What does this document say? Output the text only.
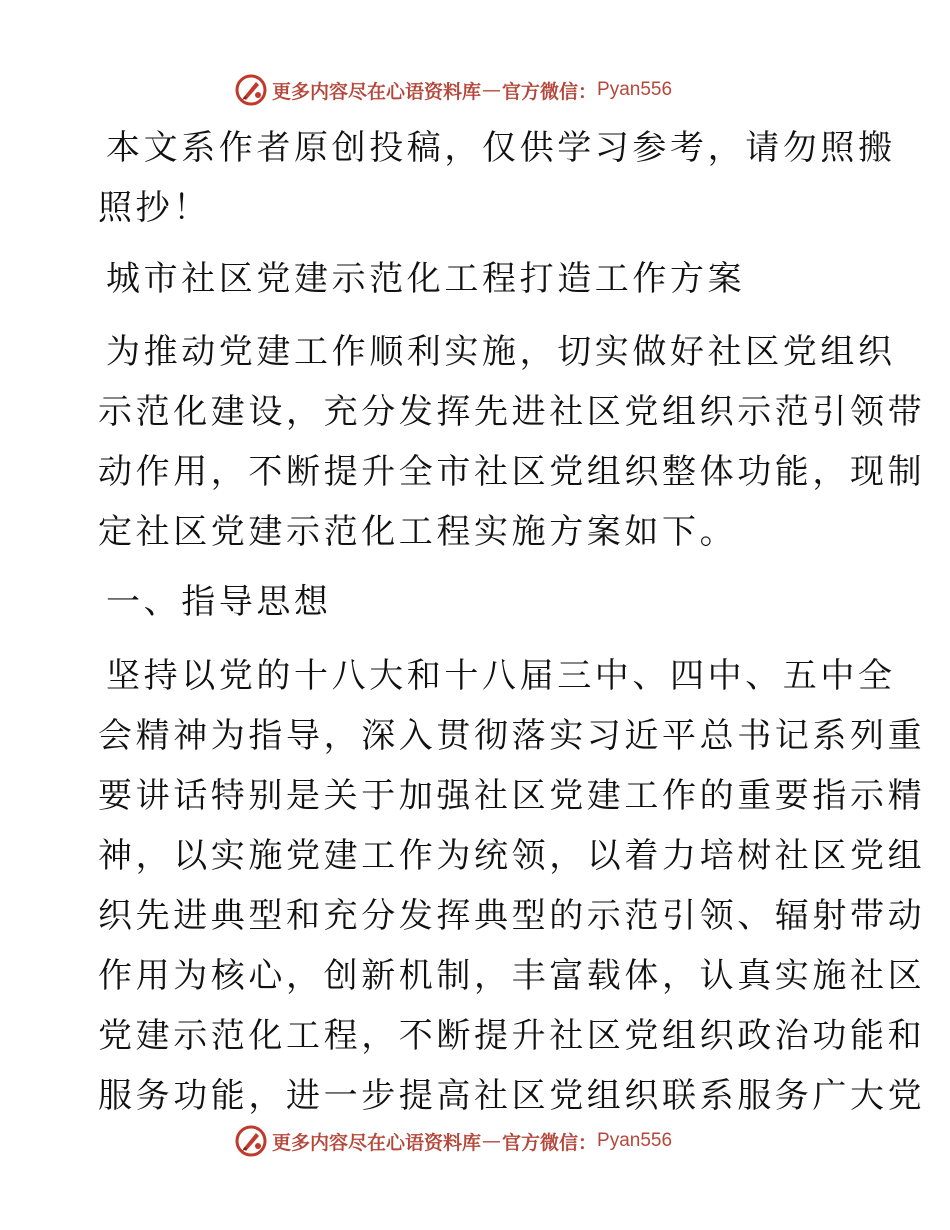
更多内容尽在心语资料库 — 官方微信： Pyan556
本文系作者原创投稿，仅供学习参考，请勿照搬
照抄！
城市社区党建示范化工程打造工作方案
为推动党建工作顺利实施，切实做好社区党组织
示范化建设，充分发挥先进社区党组织示范引领带
动作用，不断提升全市社区党组织整体功能，现制
定社区党建示范化工程实施方案如下。
一、指导思想
坚持以党的十八大和十八届三中、四中、五中全
会精神为指导，深入贯彻落实习近平总书记系列重
要讲话特别是关于加强社区党建工作的重要指示精
神，以实施党建工作为统领，以着力培树社区党组
织先进典型和充分发挥典型的示范引领、辐射带动
作用为核心，创新机制，丰富载体，认真实施社区
党建示范化工程，不断提升社区党组织政治功能和
服务功能，进一步提高社区党组织联系服务广大党
更多内容尽在心语资料库 — 官方微信： Pyan556
